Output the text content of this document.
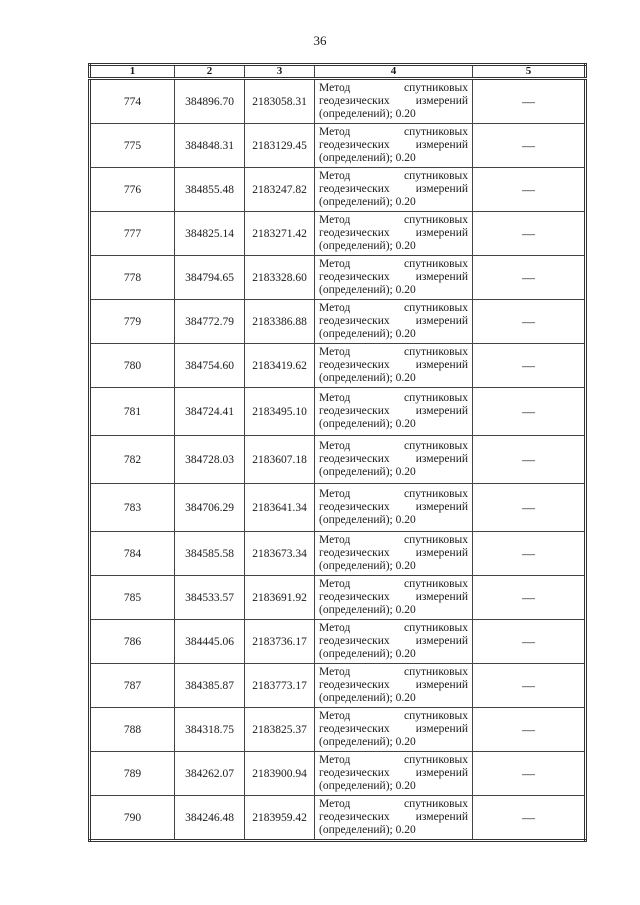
36
1	2	3	4	5
774	384896.70	2183058.31	Метод спутниковых
геодезических измерений
(определений); 0.20	—
775	384848.31	2183129.45	Метод спутниковых
геодезических измерений
(определений); 0.20	—
776	384855.48	2183247.82	Метод спутниковых
геодезических измерений
(определений); 0.20	—
777	384825.14	2183271.42	Метод спутниковых
геодезических измерений
(определений); 0.20	—
778	384794.65	2183328.60	Метод спутниковых
геодезических измерений
(определений); 0.20	—
779	384772.79	2183386.88	Метод спутниковых
геодезических измерений
(определений); 0.20	—
780	384754.60	2183419.62	Метод спутниковых
геодезических измерений
(определений); 0.20	—
781	384724.41	2183495.10	Метод спутниковых
геодезических измерений
(определений); 0.20	—
782	384728.03	2183607.18	Метод спутниковых
геодезических измерений
(определений); 0.20	—
783	384706.29	2183641.34	Метод спутниковых
геодезических измерений
(определений); 0.20	—
784	384585.58	2183673.34	Метод спутниковых
геодезических измерений
(определений); 0.20	—
785	384533.57	2183691.92	Метод спутниковых
геодезических измерений
(определений); 0.20	—
786	384445.06	2183736.17	Метод спутниковых
геодезических измерений
(определений); 0.20	—
787	384385.87	2183773.17	Метод спутниковых
геодезических измерений
(определений); 0.20	—
788	384318.75	2183825.37	Метод спутниковых
геодезических измерений
(определений); 0.20	—
789	384262.07	2183900.94	Метод спутниковых
геодезических измерений
(определений); 0.20	—
790	384246.48	2183959.42	Метод спутниковых
геодезических измерений
(определений); 0.20	—
